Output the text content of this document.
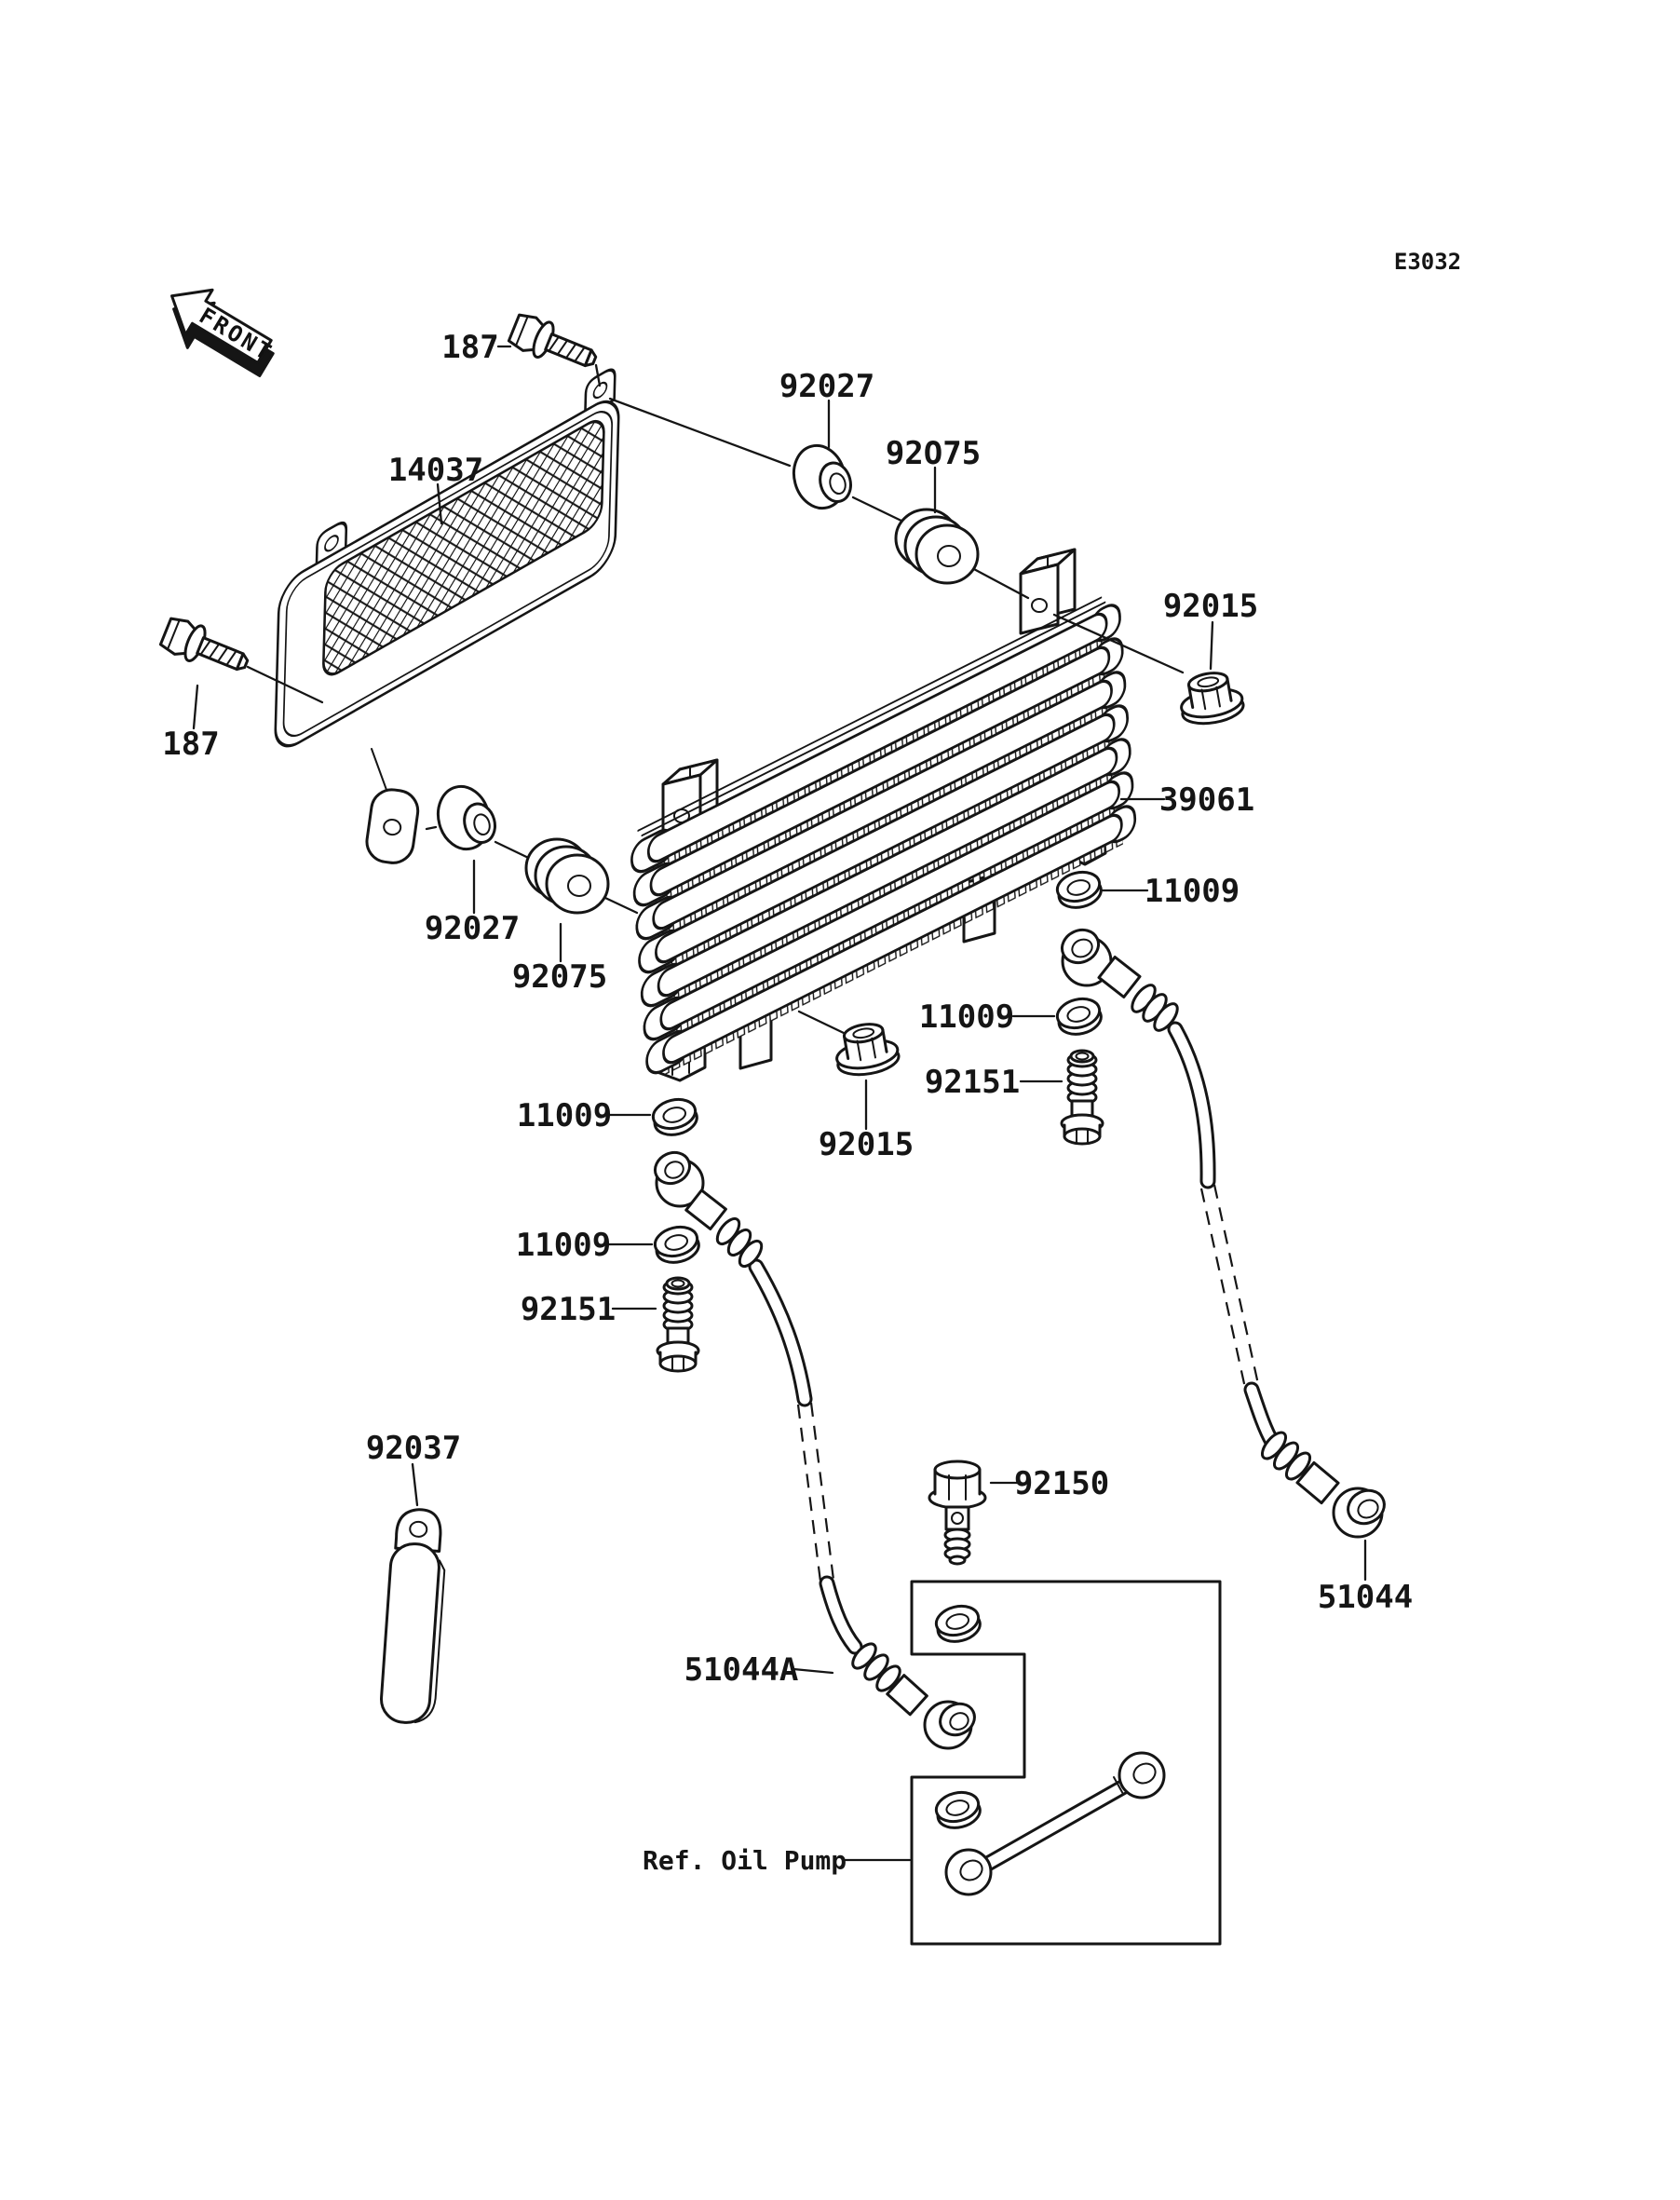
E3032
FRONT	187
14037
187
92027
92O75
92015
39061
11009
11009
92151
92015
92027
92075
11009
11009
92151
92037
92150
51044A
51044
Ref. Oil Pump
